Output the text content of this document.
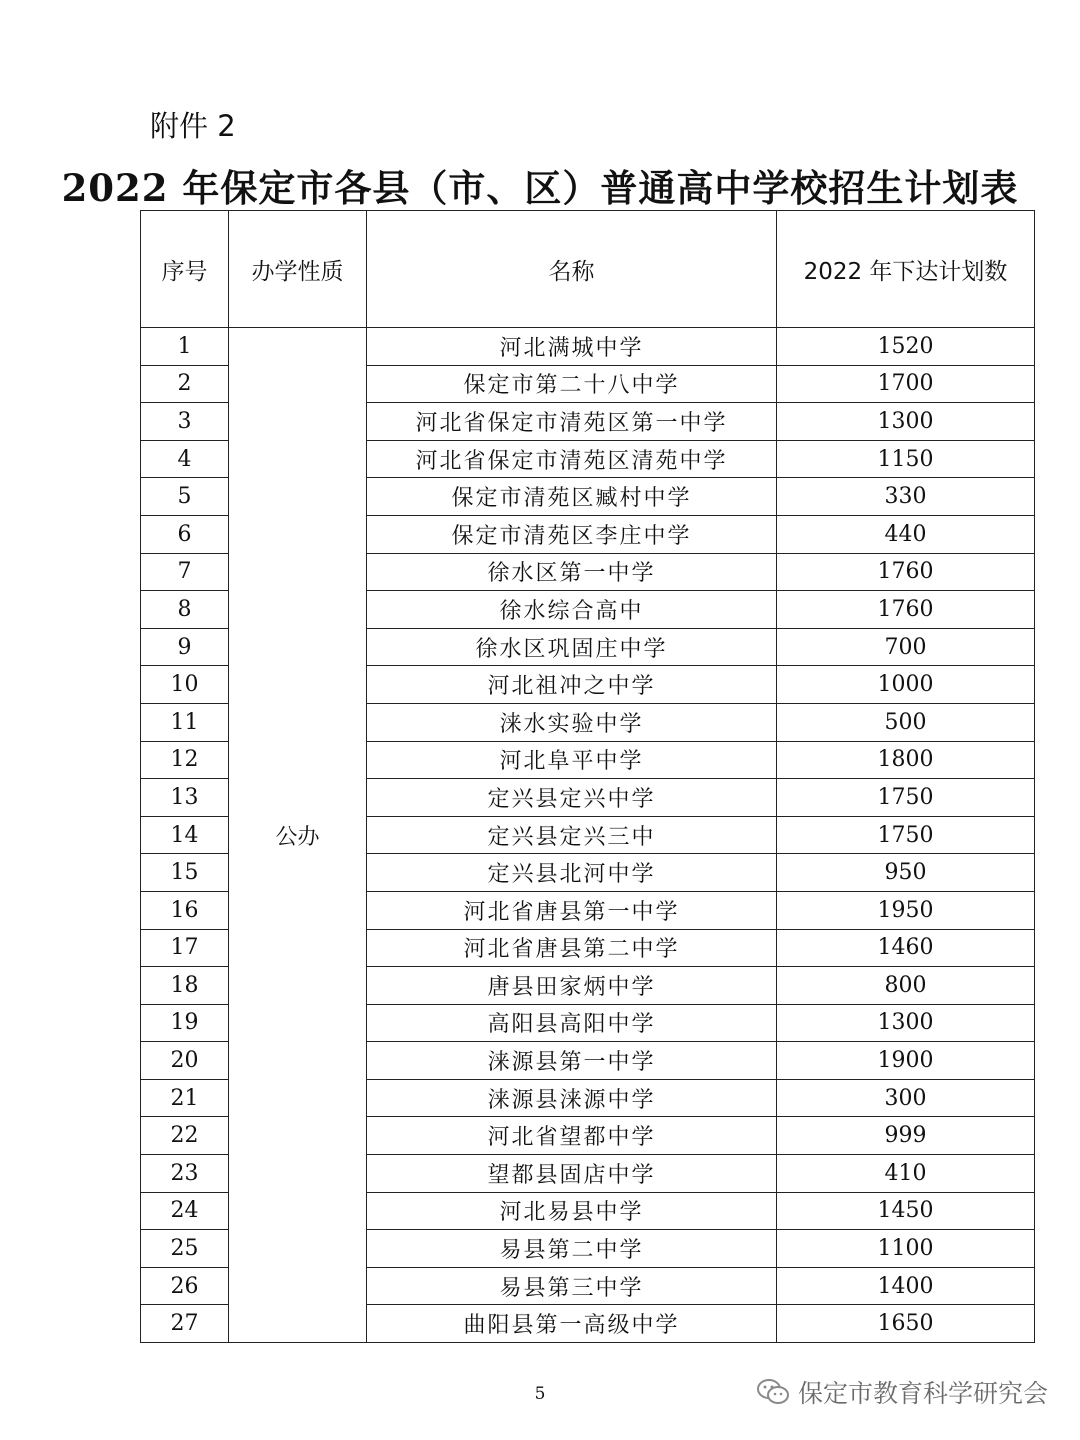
附件 2
2022 年保定市各县（市、区）普通高中学校招生计划表
序号	办学性质	名称	2022 年下达计划数
1	公办	河北满城中学	1520
2		保定市第二十八中学	1700
3		河北省保定市清苑区第一中学	1300
4		河北省保定市清苑区清苑中学	1150
5		保定市清苑区臧村中学	330
6		保定市清苑区李庄中学	440
7		徐水区第一中学	1760
8		徐水综合高中	1760
9		徐水区巩固庄中学	700
10		河北祖冲之中学	1000
11		涞水实验中学	500
12		河北阜平中学	1800
13		定兴县定兴中学	1750
14		定兴县定兴三中	1750
15		定兴县北河中学	950
16		河北省唐县第一中学	1950
17		河北省唐县第二中学	1460
18		唐县田家炳中学	800
19		高阳县高阳中学	1300
20		涞源县第一中学	1900
21		涞源县涞源中学	300
22		河北省望都中学	999
23		望都县固店中学	410
24		河北易县中学	1450
25		易县第二中学	1100
26		易县第三中学	1400
27		曲阳县第一高级中学	1650
5	保定市教育科学研究会
